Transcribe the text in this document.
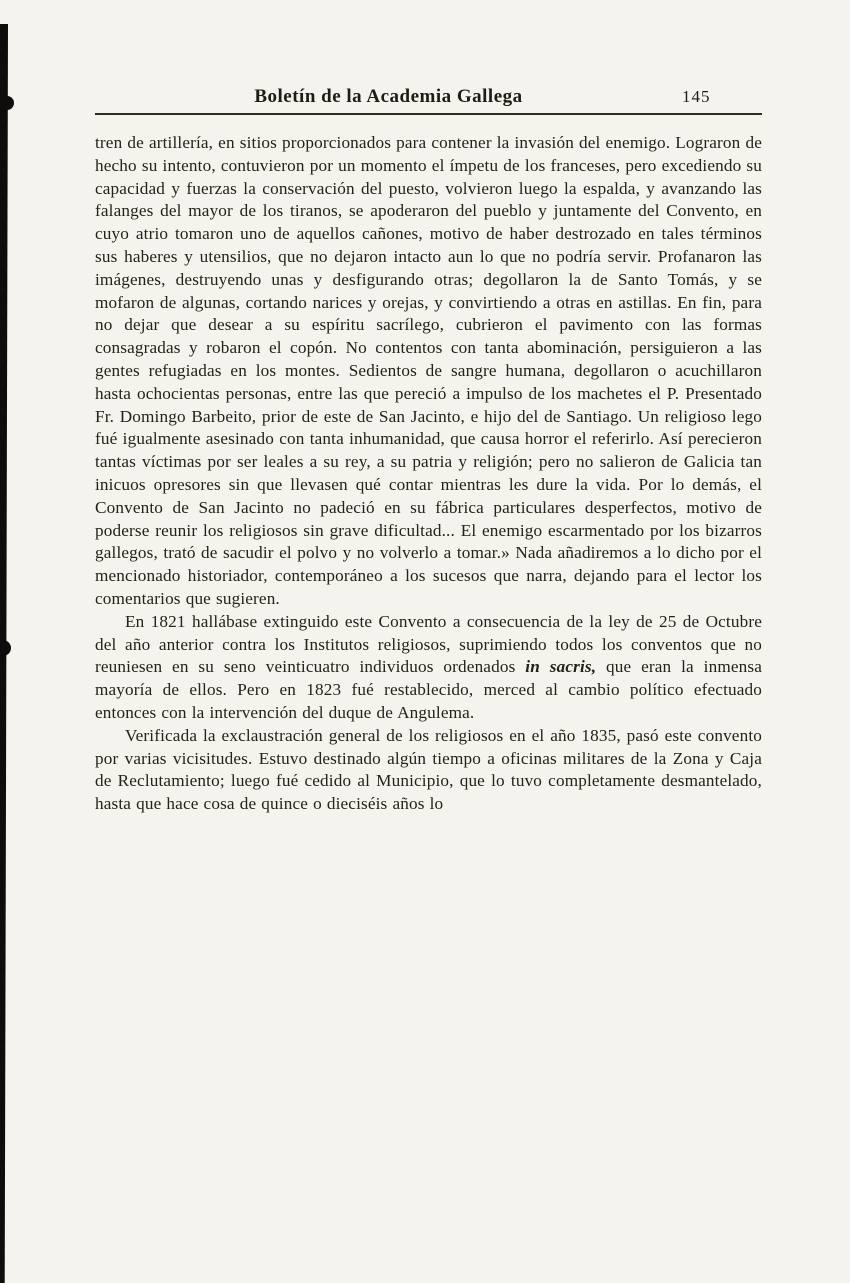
Boletín de la Academia Gallega	145

tren de artillería, en sitios proporcionados para contener la invasión del enemigo. Lograron de hecho su intento, contuvieron por un momento el ímpetu de los franceses, pero excediendo su capacidad y fuerzas la conservación del puesto, volvieron luego la espalda, y avanzando las falanges del mayor de los tiranos, se apoderaron del pueblo y juntamente del Convento, en cuyo atrio tomaron uno de aquellos cañones, motivo de haber destrozado en tales términos sus haberes y utensilios, que no dejaron intacto aun lo que no podría servir. Profanaron las imágenes, destruyendo unas y desfigurando otras; degollaron la de Santo Tomás, y se mofaron de algunas, cortando narices y orejas, y convirtiendo a otras en astillas. En fin, para no dejar que desear a su espíritu sacrílego, cubrieron el pavimento con las formas consagradas y robaron el copón. No contentos con tanta abominación, persiguieron a las gentes refugiadas en los montes. Sedientos de sangre humana, degollaron o acuchillaron hasta ochocientas personas, entre las que pereció a impulso de los machetes el P. Presentado Fr. Domingo Barbeito, prior de este de San Jacinto, e hijo del de Santiago. Un religioso lego fué igualmente asesinado con tanta inhumanidad, que causa horror el referirlo. Así perecieron tantas víctimas por ser leales a su rey, a su patria y religión; pero no salieron de Galicia tan inicuos opresores sin que llevasen qué contar mientras les dure la vida. Por lo demás, el Convento de San Jacinto no padeció en su fábrica particulares desperfectos, motivo de poderse reunir los religiosos sin grave dificultad... El enemigo escarmentado por los bizarros gallegos, trató de sacudir el polvo y no volverlo a tomar.» Nada añadiremos a lo dicho por el mencionado historiador, contemporáneo a los sucesos que narra, dejando para el lector los comentarios que sugieren.

En 1821 hallábase extinguido este Convento a consecuencia de la ley de 25 de Octubre del año anterior contra los Institutos religiosos, suprimiendo todos los conventos que no reuniesen en su seno veinticuatro individuos ordenados in sacris, que eran la inmensa mayoría de ellos. Pero en 1823 fué restablecido, merced al cambio político efectuado entonces con la intervención del duque de Angulema.

Verificada la exclaustración general de los religiosos en el año 1835, pasó este convento por varias vicisitudes. Estuvo destinado algún tiempo a oficinas militares de la Zona y Caja de Reclutamiento; luego fué cedido al Municipio, que lo tuvo completamente desmantelado, hasta que hace cosa de quince o dieciséis años lo
